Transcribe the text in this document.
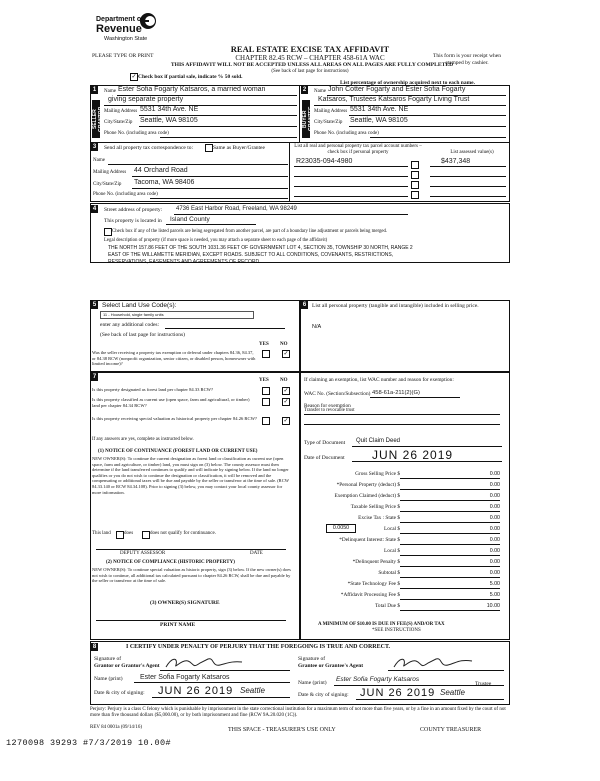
Department of
Revenue
Washington State
REAL ESTATE EXCISE TAX AFFIDAVIT
CHAPTER 82.45 RCW – CHAPTER 458-61A WAC
THIS AFFIDAVIT WILL NOT BE ACCEPTED UNLESS ALL AREAS ON ALL PAGES ARE FULLY COMPLETED
(See back of last page for instructions)
PLEASE TYPE OR PRINT	This form is your receipt when stamped by cashier.
✓ Check box if partial sale, indicate % 50 sold.
List percentage of ownership acquired next to each name.
1
SELLER GRANTOR
2
BUYER GRANTEE
Name Ester Sofia Fogarty Katsaros, a married woman
giving separate property
Mailing Address 5531 34th Ave. NE
City/State/Zip Seattle, WA 98105
Phone No. (including area code)
Name John Cotter Fogarty and Ester Sofia Fogarty
Katsaros, Trustees Katsaros Fogarty Living Trust
Mailing Address 5531 34th Ave. NE
City/State/Zip Seattle, WA 98105
Phone No. (including area code)
3	Send all property tax correspondence to:	Same as Buyer/Grantee
Name
Mailing Address 44 Orchard Road
City/State/Zip Tacoma, WA 98406
Phone No. (including area code)
List all real and personal property tax parcel account numbers – check box if personal property	List assessed value(s)
R23035-094-4980	$437,348
4	Street address of property: 4736 East Harbor Road, Freeland, WA 98249
This property is located in Island County
Check box if any of the listed parcels are being segregated from another parcel, are part of a boundary line adjustment or parcels being merged.
Legal description of property (if more space is needed, you may attach a separate sheet to each page of the affidavit)
THE NORTH 157.86 FEET OF THE SOUTH 1031.36 FEET OF GOVERNMENT LOT 4, SECTION 35, TOWNSHIP 30 NORTH, RANGE 2
EAST OF THE WILLAMETTE MERIDIAN, EXCEPT ROADS. SUBJECT TO ALL CONDITIONS, COVENANTS, RESTRICTIONS,
RESERVATIONS, EASEMENTS AND AGREEMENTS OF RECORD.
5 Select Land Use Code(s):
11 - Household, single family units
enter any additional codes:
(See back of last page for instructions)
YES NO
Was the seller receiving a property tax exemption or deferral under chapters 84.36, 84.37, or 84.38 RCW (nonprofit organization, senior citizen, or disabled person, homeowner with limited income)?
✓
6	List all personal property (tangible and intangible) included in selling price.
N/A
7
YES NO
Is this property designated as forest land per chapter 84.33 RCW?	✓
Is this property classified as current use (open space, farm and agricultural, or timber) land per chapter 84.34 RCW?	✓
Is this property receiving special valuation as historical property per chapter 84.26 RCW?	✓
If any answers are yes, complete as instructed below.
(1) NOTICE OF CONTINUANCE (FOREST LAND OR CURRENT USE)
NEW OWNER(S): To continue the current designation as forest land or classification as current use (open space, farm and agriculture, or timber) land, you must sign on (3) below. The county assessor must then determine if the land transferred continues to qualify and will indicate by signing below. If the land no longer qualifies or you do not wish to continue the designation or classification, it will be removed and the compensating or additional taxes will be due and payable by the seller or transferor at the time of sale. (RCW 84.33.140 or RCW 84.34.108). Prior to signing (3) below, you may contact your local county assessor for more information.
This land	does	does not qualify for continuance.
DEPUTY ASSESSOR	DATE
(2) NOTICE OF COMPLIANCE (HISTORIC PROPERTY)
NEW OWNER(S): To continue special valuation as historic property, sign (3) below. If the new owner(s) does not wish to continue, all additional tax calculated pursuant to chapter 84.26 RCW, shall be due and payable by the seller or transferor at the time of sale.
(3) OWNER(S) SIGNATURE
PRINT NAME
If claiming an exemption, list WAC number and reason for exemption:
WAC No. (Section/Subsection) 458-61a-211(2)(G)
Reason for exemption
Transfer to revocable trust
Type of Document Quit Claim Deed
Date of Document JUN 26 2019
Gross Selling Price $	0.00
*Personal Property (deduct) $	0.00
Exemption Claimed (deduct) $	0.00
Taxable Selling Price $	0.00
Excise Tax : State $	0.00
0.0050	Local $	0.00
*Delinquent Interest: State $	0.00
Local $	0.00
*Delinquent Penalty $	0.00
Subtotal $	0.00
*State Technology Fee $	5.00
*Affidavit Processing Fee $	5.00
Total Due $	10.00
A MINIMUM OF $10.00 IS DUE IN FEE(S) AND/OR TAX
*SEE INSTRUCTIONS
8	I CERTIFY UNDER PENALTY OF PERJURY THAT THE FOREGOING IS TRUE AND CORRECT.
Signature of
Grantor or Grantor's Agent
Name (print) Ester Sofia Fogarty Katsaros
Date & city of signing: JUN 26 2019 Seattle
Signature of
Grantee or Grantee's Agent
Name (print) Ester Sofia Fogarty Katsaros
Trustee
Date & city of signing: JUN 26 2019 Seattle
Perjury: Perjury is a class C felony which is punishable by imprisonment in the state correctional institution for a maximum term of not more than five years, or by a fine in an amount fixed by the court of not more than five thousand dollars ($5,000.00), or by both imprisonment and fine (RCW 9A.20.020 (1C)).
REV 84 0001a (09/14/16)	THIS SPACE - TREASURER'S USE ONLY	COUNTY TREASURER
1270098 39293 #7/3/2019 10.00#
